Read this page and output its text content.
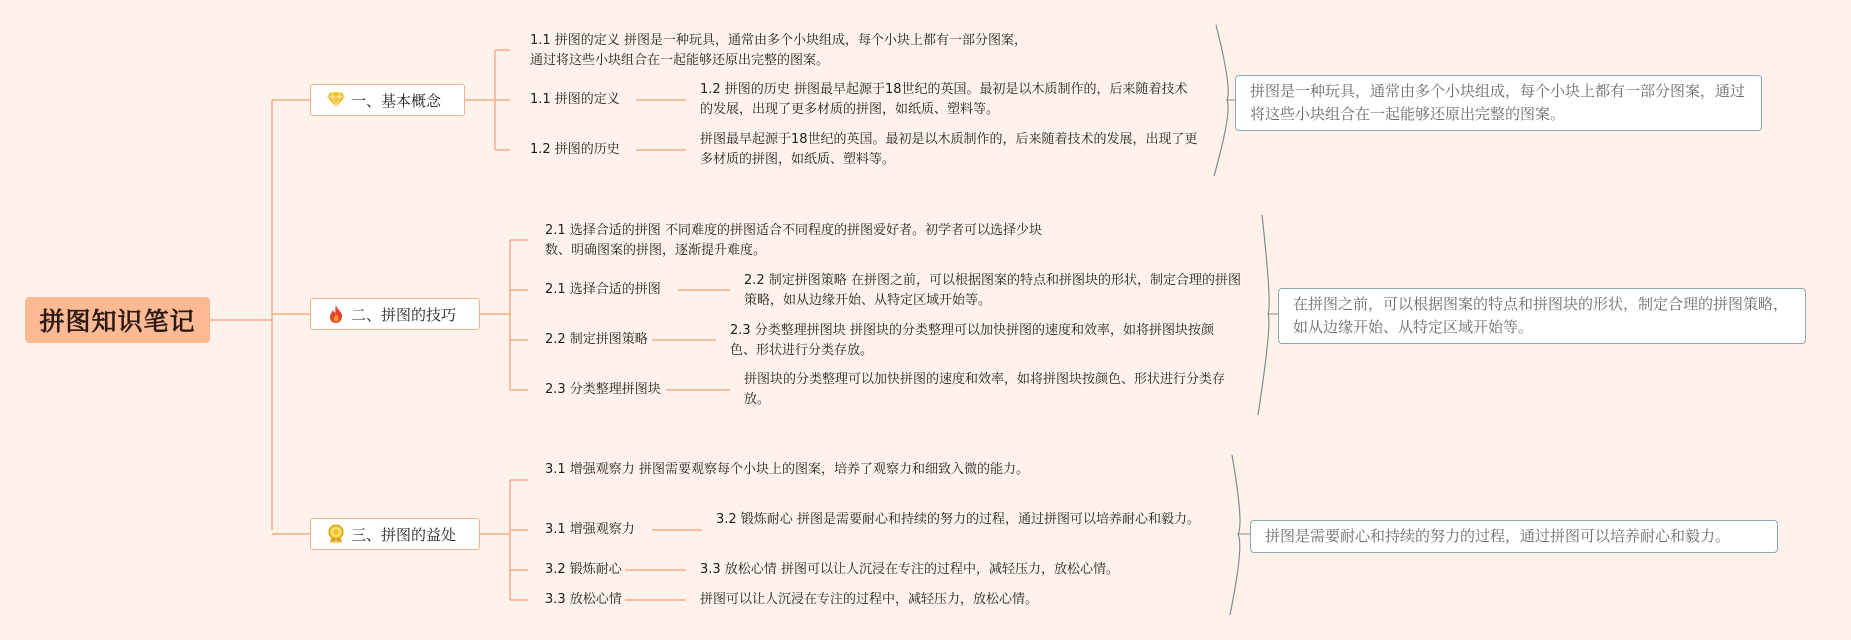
拼图知识笔记
一、基本概念
1.1 拼图的定义 拼图是一种玩具，通常由多个小块组成，每个小块上都有一部分图案，通过将这些小块组合在一起能够还原出完整的图案。
1.1 拼图的定义
1.2 拼图的历史 拼图最早起源于18世纪的英国。最初是以木质制作的，后来随着技术的发展，出现了更多材质的拼图，如纸质、塑料等。
1.2 拼图的历史
拼图最早起源于18世纪的英国。最初是以木质制作的，后来随着技术的发展，出现了更多材质的拼图，如纸质、塑料等。
拼图是一种玩具，通常由多个小块组成，每个小块上都有一部分图案，通过将这些小块组合在一起能够还原出完整的图案。
二、拼图的技巧
2.1 选择合适的拼图 不同难度的拼图适合不同程度的拼图爱好者。初学者可以选择少块数、明确图案的拼图，逐渐提升难度。
2.1 选择合适的拼图
2.2 制定拼图策略 在拼图之前，可以根据图案的特点和拼图块的形状，制定合理的拼图策略，如从边缘开始、从特定区域开始等。
2.2 制定拼图策略
2.3 分类整理拼图块 拼图块的分类整理可以加快拼图的速度和效率，如将拼图块按颜色、形状进行分类存放。
2.3 分类整理拼图块
拼图块的分类整理可以加快拼图的速度和效率，如将拼图块按颜色、形状进行分类存放。
在拼图之前，可以根据图案的特点和拼图块的形状，制定合理的拼图策略，如从边缘开始、从特定区域开始等。
三、拼图的益处
3.1 增强观察力 拼图需要观察每个小块上的图案，培养了观察力和细致入微的能力。
3.1 增强观察力
3.2 锻炼耐心 拼图是需要耐心和持续的努力的过程，通过拼图可以培养耐心和毅力。
3.2 锻炼耐心	3.3 放松心情 拼图可以让人沉浸在专注的过程中，减轻压力，放松心情。
3.3 放松心情	拼图可以让人沉浸在专注的过程中，减轻压力，放松心情。
拼图是需要耐心和持续的努力的过程，通过拼图可以培养耐心和毅力。
